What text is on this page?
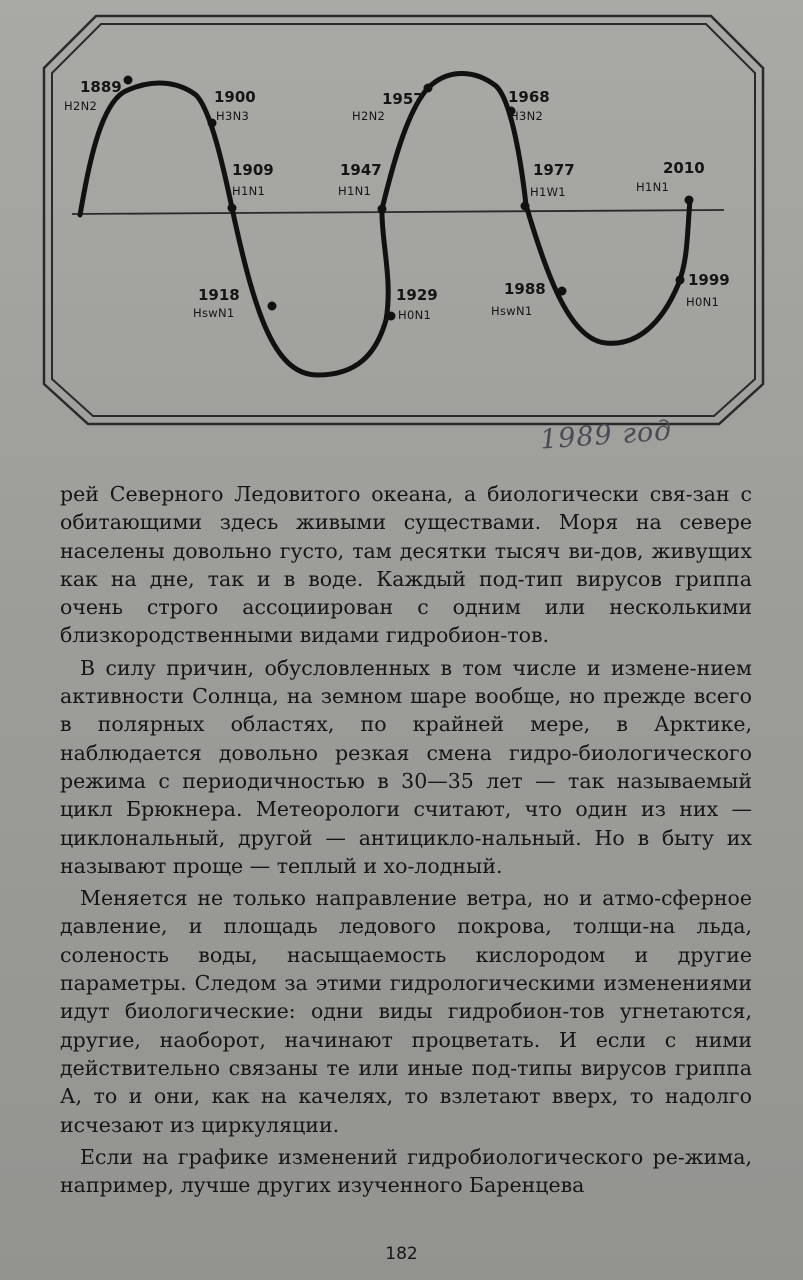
1889
H2N2	1900
H3N3
1909
H1N1
1918
HswN1
1929
H0N1
1947
H1N1
1957
H2N2
1968
H3N2
1977
H1W1
1988
HswN1
1999
H0N1
2010
H1N1
1989 год

рей Северного Ледовитого океана, а биологически свя-зан с обитающими здесь живыми существами. Моря на севере населены довольно густо, там десятки тысяч ви-дов, живущих как на дне, так и в воде. Каждый под-тип вирусов гриппа очень строго ассоциирован с одним или несколькими близкородственными видами гидробион-тов.

В силу причин, обусловленных в том числе и измене-нием активности Солнца, на земном шаре вообще, но прежде всего в полярных областях, по крайней мере, в Арктике, наблюдается довольно резкая смена гидро-биологического режима с периодичностью в 30—35 лет — так называемый цикл Брюкнера. Метеорологи считают, что один из них — циклональный, другой — антицикло-нальный. Но в быту их называют проще — теплый и хо-лодный.

Меняется не только направление ветра, но и атмо-сферное давление, и площадь ледового покрова, толщи-на льда, соленость воды, насыщаемость кислородом и другие параметры. Следом за этими гидрологическими изменениями идут биологические: одни виды гидробион-тов угнетаются, другие, наоборот, начинают процветать. И если с ними действительно связаны те или иные под-типы вирусов гриппа А, то и они, как на качелях, то взлетают вверх, то надолго исчезают из циркуляции.

Если на графике изменений гидробиологического ре-жима, например, лучше других изученного Баренцева

182
